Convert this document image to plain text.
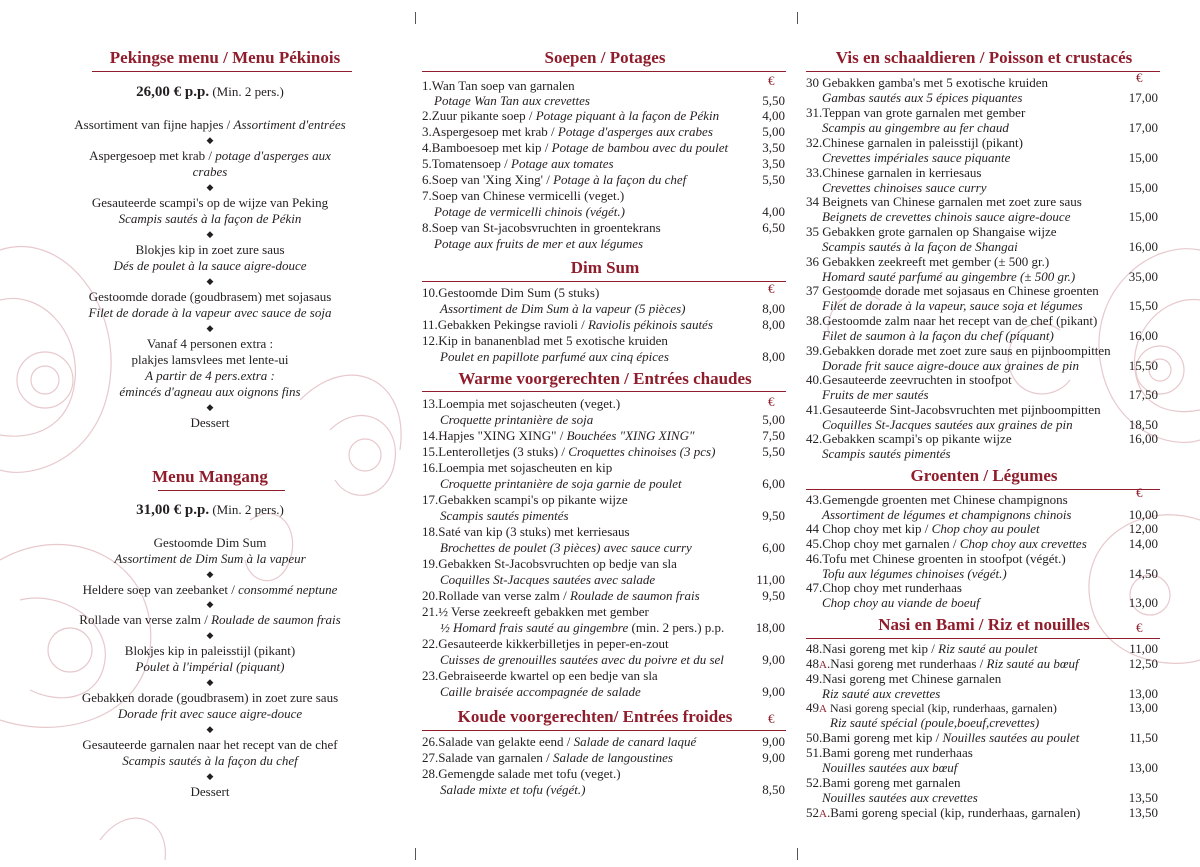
Pekingse menu / Menu Pékinois
26,00 € p.p. (Min. 2 pers.)
Assortiment van fijne hapjes / Assortiment d'entrées
◆
Aspergesoep met krab / potage d'asperges aux
crabes
◆
Gesauteerde scampi's op de wijze van Peking
Scampis sautés à la façon de Pékin
◆
Blokjes kip in zoet zure saus
Dés de poulet à la sauce aigre-douce
◆
Gestoomde dorade (goudbrasem) met sojasaus
Filet de dorade à la vapeur avec sauce de soja
◆
Vanaf 4 personen extra :
plakjes lamsvlees met lente-ui
A partir de 4 pers.extra :
émincés d'agneau aux oignons fins
◆
Dessert
Menu Mangang
31,00 € p.p. (Min. 2 pers.)
Gestoomde Dim Sum
Assortiment de Dim Sum à la vapeur
◆
Heldere soep van zeebanket / consommé neptune
◆
Rollade van verse zalm / Roulade de saumon frais
◆
Blokjes kip in paleisstijl (pikant)
Poulet à l'impérial (piquant)
◆
Gebakken dorade (goudbrasem) in zoet zure saus
Dorade frit avec sauce aigre-douce
◆
Gesauteerde garnalen naar het recept van de chef
Scampis sautés à la façon du chef
◆
Dessert
Soepen / Potages
€
1.Wan Tan soep van garnalen
Potage Wan Tan aux crevettes	5,50
2.Zuur pikante soep / Potage piquant à la façon de Pékin	4,00
3.Aspergesoep met krab / Potage d'asperges aux crabes	5,00
4.Bamboesoep met kip / Potage de bambou avec du poulet	3,50
5.Tomatensoep / Potage aux tomates	3,50
6.Soep van 'Xing Xing' / Potage à la façon du chef	5,50
7.Soep van Chinese vermicelli (veget.)
Potage de vermicelli chinois (végét.)	4,00
8.Soep van St-jacobsvruchten in groentekrans	6,50
Potage aux fruits de mer et aux légumes
Dim Sum
€
10.Gestoomde Dim Sum (5 stuks)
Assortiment de Dim Sum à la vapeur (5 pièces)	8,00
11.Gebakken Pekingse ravioli / Raviolis pékinois sautés	8,00
12.Kip in bananenblad met 5 exotische kruiden
Poulet en papillote parfumé aux cinq épices	8,00
Warme voorgerechten / Entrées chaudes
€
13.Loempia met sojascheuten (veget.)
Croquette printanière de soja	5,00
14.Hapjes "XING XING" / Bouchées "XING XING"	7,50
15.Lenterolletjes (3 stuks) / Croquettes chinoises (3 pcs)	5,50
16.Loempia met sojascheuten en kip
Croquette printanière de soja garnie de poulet	6,00
17.Gebakken scampi's op pikante wijze
Scampis sautés pimentés	9,50
18.Saté van kip (3 stuks) met kerriesaus
Brochettes de poulet (3 pièces) avec sauce curry	6,00
19.Gebakken St-Jacobsvruchten op bedje van sla
Coquilles St-Jacques sautées avec salade	11,00
20.Rollade van verse zalm / Roulade de saumon frais	9,50
21.½ Verse zeekreeft gebakken met gember
½ Homard frais sauté au gingembre (min. 2 pers.) p.p.	18,00
22.Gesauteerde kikkerbilletjes in peper-en-zout
Cuisses de grenouilles sautées avec du poivre et du sel	9,00
23.Gebraiseerde kwartel op een bedje van sla
Caille braisée accompagnée de salade	9,00
Koude voorgerechten/ Entrées froides	€
26.Salade van gelakte eend / Salade de canard laqué	9,00
27.Salade van garnalen / Salade de langoustines	9,00
28.Gemengde salade met tofu (veget.)
Salade mixte et tofu (végét.)	8,50
Vis en schaaldieren / Poisson et crustacés
€
30 Gebakken gamba's met 5 exotische kruiden
Gambas sautés aux 5 épices piquantes	17,00
31.Teppan van grote garnalen met gember
Scampis au gingembre au fer chaud	17,00
32.Chinese garnalen in paleisstijl (pikant)
Crevettes impériales sauce piquante	15,00
33.Chinese garnalen in kerriesaus
Crevettes chinoises sauce curry	15,00
34 Beignets van Chinese garnalen met zoet zure saus
Beignets de crevettes chinois sauce aigre-douce	15,00
35 Gebakken grote garnalen op Shangaise wijze
Scampis sautés à la façon de Shangai	16,00
36 Gebakken zeekreeft met gember (± 500 gr.)
Homard sauté parfumé au gingembre (± 500 gr.)	35,00
37 Gestoomde dorade met sojasaus en Chinese groenten
Filet de dorade à la vapeur, sauce soja et légumes	15,50
38.Gestoomde zalm naar het recept van de chef (pikant)
Filet de saumon à la façon du chef (piquant)	16,00
39.Gebakken dorade met zoet zure saus en pijnboompitten
Dorade frit sauce aigre-douce aux graines de pin	15,50
40.Gesauteerde zeevruchten in stoofpot
Fruits de mer sautés	17,50
41.Gesauteerde Sint-Jacobsvruchten met pijnboompitten
Coquilles St-Jacques sautées aux graines de pin	18,50
42.Gebakken scampi's op pikante wijze	16,00
Scampis sautés pimentés
Groenten / Légumes
€
43.Gemengde groenten met Chinese champignons
Assortiment de légumes et champignons chinois	10,00
44 Chop choy met kip / Chop choy au poulet	12,00
45.Chop choy met garnalen / Chop choy aux crevettes	14,00
46.Tofu met Chinese groenten in stoofpot (végét.)
Tofu aux légumes chinoises (végét.)	14,50
47.Chop choy met runderhaas
Chop choy au viande de boeuf	13,00
Nasi en Bami / Riz et nouilles	€
48.Nasi goreng met kip / Riz sauté au poulet	11,00
48A.Nasi goreng met runderhaas / Riz sauté au bœuf	12,50
49.Nasi goreng met Chinese garnalen
Riz sauté aux crevettes	13,00
49A Nasi goreng special (kip, runderhaas, garnalen)	13,00
Riz sauté spécial (poule,boeuf,crevettes)
50.Bami goreng met kip / Nouilles sautées au poulet	11,50
51.Bami goreng met runderhaas
Nouilles sautées aux bœuf	13,00
52.Bami goreng met garnalen
Nouilles sautées aux crevettes	13,50
52A.Bami goreng special (kip, runderhaas, garnalen)	13,50
